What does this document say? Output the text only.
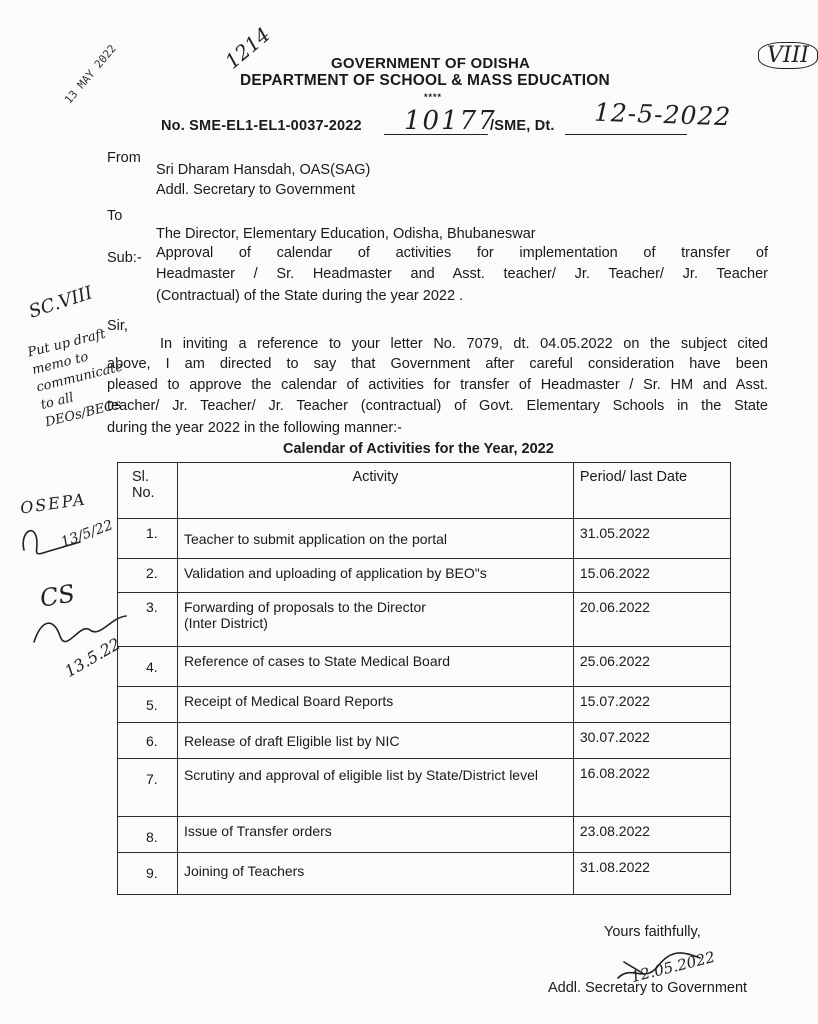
GOVERNMENT OF ODISHA
DEPARTMENT OF SCHOOL & MASS EDUCATION
****
No. SME-EL1-EL1-0037-2022 10177
/SME, Dt. 12-5-2022
From
Sri Dharam Hansdah, OAS(SAG)
Addl. Secretary to Government
To
The Director, Elementary Education, Odisha, Bhubaneswar
Sub:- Approval of calendar of activities for implementation of transfer of
Headmaster / Sr. Headmaster and Asst. teacher/ Jr. Teacher/ Jr. Teacher
(Contractual) of the State during the year 2022 .
Sir,
In inviting a reference to your letter No. 7079, dt. 04.05.2022 on the subject cited
above, I am directed to say that Government after careful consideration have been
pleased to approve the calendar of activities for transfer of Headmaster / Sr. HM and Asst.
teacher/ Jr. Teacher/ Jr. Teacher (contractual) of Govt. Elementary Schools in the State
during the year 2022 in the following manner:-
Calendar of Activities for the Year, 2022
Sl. No.	Activity	Period/ last Date
1.	Teacher to submit application on the portal	31.05.2022
2.	Validation and uploading of application by BEO"s	15.06.2022
3.	Forwarding of proposals to the Director (Inter District)	20.06.2022
4.	Reference of cases to State Medical Board	25.06.2022
5.	Receipt of Medical Board Reports	15.07.2022
6.	Release of draft Eligible list by NIC	30.07.2022
7.	Scrutiny and approval of eligible list by State/District level	16.08.2022
8.	Issue of Transfer orders	23.08.2022
9.	Joining of Teachers	31.08.2022
Yours faithfully,
12.05.2022
Addl. Secretary to Government
1214
13 MAY 2022	VIII
SC.VIII
Put up draft memo to communicate to all DEOs/BEOs
OSEPA
13/5/22
CS
13.5.22
